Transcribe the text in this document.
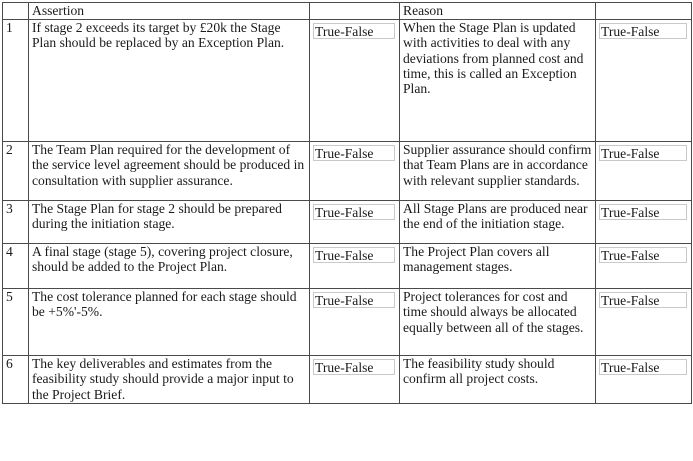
	Assertion		Reason	
1	If stage 2 exceeds its target by £20k the Stage Plan should be replaced by an Exception Plan.	True - False	When the Stage Plan is updated with activities to deal with any deviations from planned cost and time, this is called an Exception Plan.	True - False

2	The Team Plan required for the development of the service level agreement should be produced in consultation with supplier assurance.	True - False	Supplier assurance should confirm that Team Plans are in accordance with relevant supplier standards.	True - False

3	The Stage Plan for stage 2 should be prepared during the initiation stage.	True - False	All Stage Plans are produced near the end of the initiation stage.	True - False

4	A final stage (stage 5), covering project closure, should be added to the Project Plan.	True - False	The Project Plan covers all management stages.	True - False

5	The cost tolerance planned for each stage should be +5%'-5%.	True - False	Project tolerances for cost and time should always be allocated equally between all of the stages.	True - False

6	The key deliverables and estimates from the feasibility study should provide a major input to the Project Brief.	True - False	The feasibility study should confirm all project costs.	True - False
